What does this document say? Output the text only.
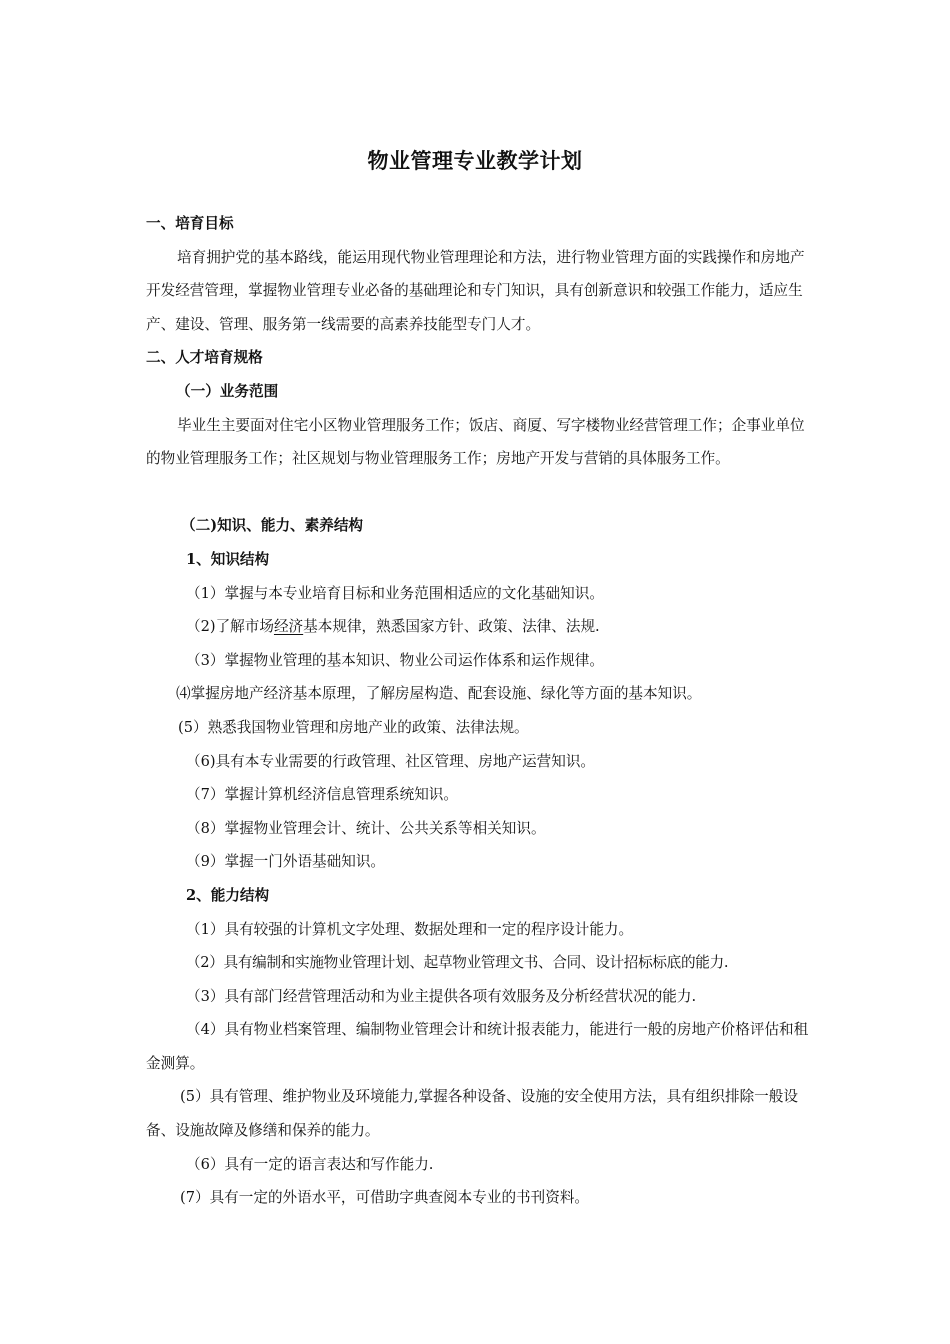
物业管理专业教学计划
一、培育目标
培育拥护党的基本路线，能运用现代物业管理理论和方法，进行物业管理方面的实践操作和房地产开发经营管理，掌握物业管理专业必备的基础理论和专门知识，具有创新意识和较强工作能力，适应生产、建设、管理、服务第一线需要的高素养技能型专门人才。
二、人才培育规格
（一）业务范围
毕业生主要面对住宅小区物业管理服务工作；饭店、商厦、写字楼物业经营管理工作；企事业单位的物业管理服务工作；社区规划与物业管理服务工作；房地产开发与营销的具体服务工作。
（二)知识、能力、素养结构
1、知识结构
（1）掌握与本专业培育目标和业务范围相适应的文化基础知识。
（2)了解市场经济基本规律，熟悉国家方针、政策、法律、法规.
（3）掌握物业管理的基本知识、物业公司运作体系和运作规律。
⑷掌握房地产经济基本原理，了解房屋构造、配套设施、绿化等方面的基本知识。
(5）熟悉我国物业管理和房地产业的政策、法律法规。
（6)具有本专业需要的行政管理、社区管理、房地产运营知识。
（7）掌握计算机经济信息管理系统知识。
（8）掌握物业管理会计、统计、公共关系等相关知识。
（9）掌握一门外语基础知识。
2、能力结构
（1）具有较强的计算机文字处理、数据处理和一定的程序设计能力。
（2）具有编制和实施物业管理计划、起草物业管理文书、合同、设计招标标底的能力.
（3）具有部门经营管理活动和为业主提供各项有效服务及分析经营状况的能力.
（4）具有物业档案管理、编制物业管理会计和统计报表能力，能进行一般的房地产价格评估和租金测算。
(5）具有管理、维护物业及环境能力,掌握各种设备、设施的安全使用方法，具有组织排除一般设备、设施故障及修缮和保养的能力。
（6）具有一定的语言表达和写作能力.
(7）具有一定的外语水平，可借助字典查阅本专业的书刊资料。
